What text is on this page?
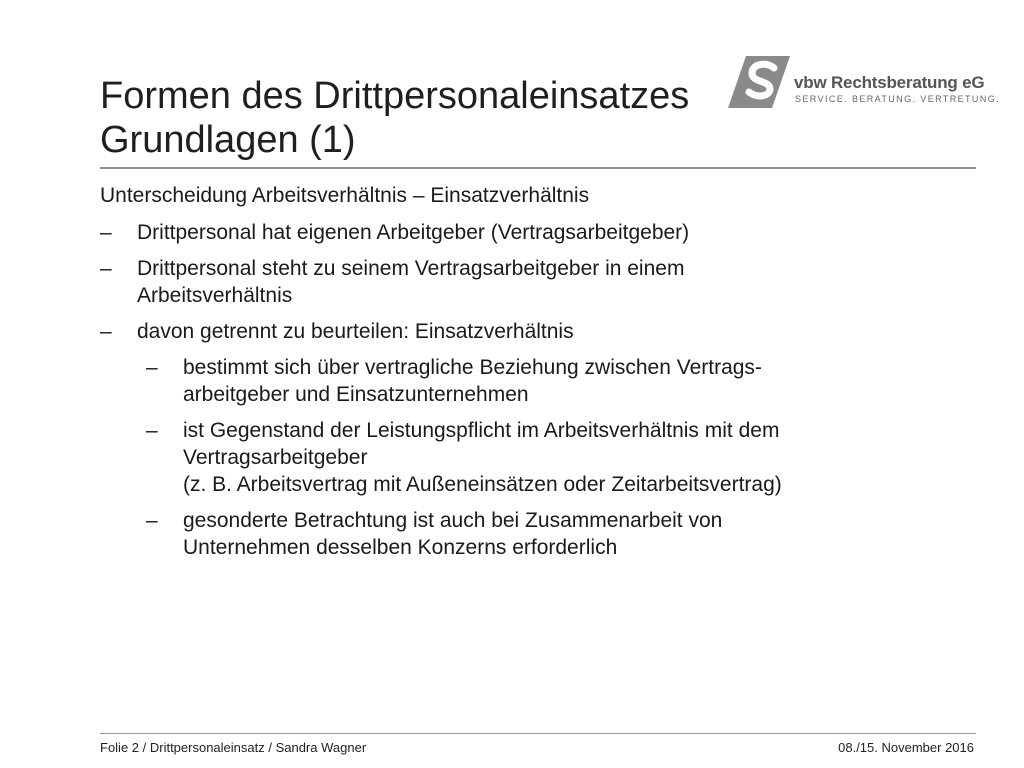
Formen des Drittpersonaleinsatzes
Grundlagen (1)
vbw Rechtsberatung eG
SERVICE. BERATUNG. VERTRETUNG.
Unterscheidung Arbeitsverhältnis – Einsatzverhältnis
– Drittpersonal hat eigenen Arbeitgeber (Vertragsarbeitgeber)
– Drittpersonal steht zu seinem Vertragsarbeitgeber in einem
Arbeitsverhältnis
– davon getrennt zu beurteilen: Einsatzverhältnis
– bestimmt sich über vertragliche Beziehung zwischen Vertrags-
arbeitgeber und Einsatzunternehmen
– ist Gegenstand der Leistungspflicht im Arbeitsverhältnis mit dem
Vertragsarbeitgeber
(z. B. Arbeitsvertrag mit Außeneinsätzen oder Zeitarbeitsvertrag)
– gesonderte Betrachtung ist auch bei Zusammenarbeit von
Unternehmen desselben Konzerns erforderlich
Folie 2 / Drittpersonaleinsatz / Sandra Wagner	08./15. November 2016
